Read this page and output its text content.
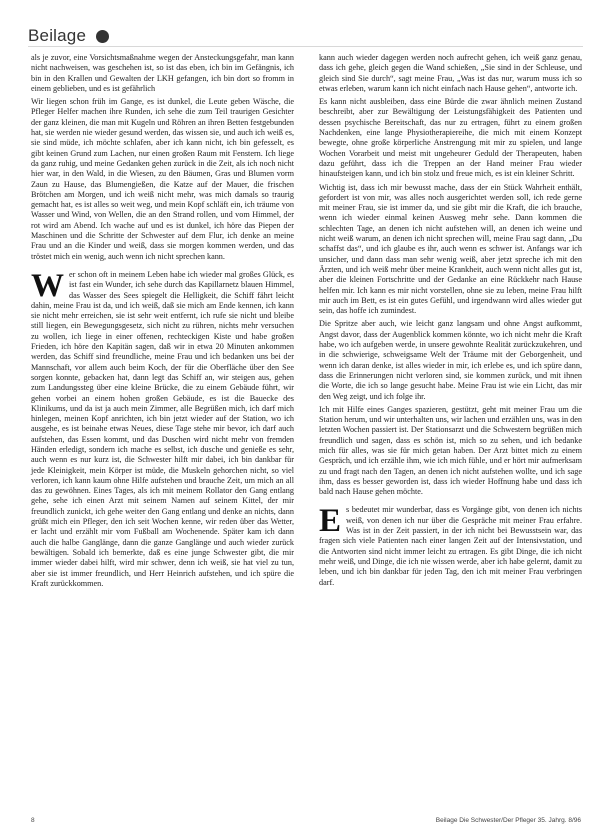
Beilage

als je zuvor, eine Vorsichtsmaßnahme wegen der Ansteckungsgefahr, man kann nicht nachweisen, was geschehen ist, so ist das eben, ich bin im Gefängnis, ich bin in den Krallen und Gewalten der LKH gefangen, ich bin dort so fromm in einem geblieben, und es ist gefährlich

Wir liegen schon früh im Gange, es ist dunkel, die Leute geben Wäsche, die Pfleger Helfer machen ihre Runden, ich sehe die zum Teil traurigen Gesichter der ganz kleinen, die man mit Kugeln und Röhren an ihren Betten festgebunden hat, sie werden nie wieder gesund werden, das wissen sie, und auch ich weiß es, sie sind müde, ich möchte schlafen, aber ich kann nicht, ich bin gefesselt, es gibt keinen Grund zum Lachen, nur einen großen Raum mit Fenstern. Ich liege da ganz ruhig, und meine Gedanken gehen zurück in die Zeit, als ich noch nicht hier war, in den Wald, in die Wiesen, zu den Bäumen, Gras und Blumen vorm Zaun zu Hause, das Blumengießen, die Katze auf der Mauer, die frischen Brötchen am Morgen, und ich weiß nicht mehr, was mich damals so traurig gemacht hat, es ist alles so weit weg, und mein Kopf schläft ein, ich träume von Wasser und Wind, von Wellen, die an den Strand rollen, und vom Himmel, der rot wird am Abend. Ich wache auf und es ist dunkel, ich höre das Piepen der Maschinen und die Schritte der Schwester auf dem Flur, ich denke an meine Frau und an die Kinder und weiß, dass sie morgen kommen werden, und das tröstet mich ein wenig, auch wenn ich nicht sprechen kann.

Wer schon oft in meinem Leben habe ich wieder mal großes Glück, es ist fast ein Wunder, ich sehe durch das Kapillarnetz blauen Himmel, das Wasser des Sees spiegelt die Helligkeit, die Schiff fährt leicht dahin, meine Frau ist da, und ich weiß, daß sie mich am Ende kennen, ich kann sie nicht mehr erreichen, sie ist sehr weit entfernt, ich rufe sie nicht und bleibe still liegen, ein Bewegungsgesetz, sich nicht zu rühren, nichts mehr versuchen zu wollen, ich liege in einer offenen, rechteckigen Kiste und habe großen Frieden, ich höre den Kapitän sagen, daß wir in etwa 20 Minuten ankommen werden, das Schiff sind freundliche, meine Frau und ich bedanken uns bei der Mannschaft, vor allem auch beim Koch, der für die Oberfläche über den See sorgen konnte, gebacken hat, dann legt das Schiff an, wir steigen aus, gehen zum Landungssteg über eine kleine Brücke, die zu einem Gebäude führt, wir gehen vorbei an einem hohen großen Gebäude, es ist die Bauecke des Klinikums, und da ist ja auch mein Zimmer, alle Begrüßen mich, ich darf mich hinlegen, meinen Kopf anrichten, ich bin jetzt wieder auf der Station, wo ich ausgehe, es ist beinahe etwas Neues, diese Tage stehe mir bevor, ich darf auch aufstehen, das Essen kommt, und das Duschen wird nicht mehr von fremden Händen erledigt, sondern ich mache es selbst, ich dusche und genieße es sehr, auch wenn es nur kurz ist, die Schwester hilft mir dabei, ich bin dankbar für jede Kleinigkeit, mein Körper ist müde, die Muskeln gehorchen nicht, so viel verloren, ich kann kaum ohne Hilfe aufstehen und brauche Zeit, um mich an all das zu gewöhnen. Eines Tages, als ich mit meinem Rollator den Gang entlang gehe, sehe ich einen Arzt mit seinem Namen auf seinem Kittel, der mir freundlich zunickt, ich gehe weiter den Gang entlang und denke an nichts, dann grüßt mich ein Pfleger, den ich seit Wochen kenne, wir reden über das Wetter, er lacht und erzählt mir vom Fußball am Wochenende. Später kam ich dann auch die halbe Ganglänge, dann die ganze Ganglänge und auch wieder zurück bewältigen. Sobald ich bemerkte, daß es eine junge Schwester gibt, die mir immer wieder dabei hilft, wird mir schwer, denn ich weiß, sie hat viel zu tun, aber sie ist immer freundlich, und Herr Heinrich aufstehen, und ich spüre die Kraft zurückkommen.

kann auch wieder dagegen werden noch aufrecht gehen, ich weiß ganz genau, dass ich gehe, gleich gegen die Wand schießen, „Sie sind in der Schleuse, und gleich sind Sie durch“, sagt meine Frau, „Was ist das nur, warum muss ich so etwas erleben, warum kann ich nicht einfach nach Hause gehen“, antworte ich.

Es kann nicht ausbleiben, dass eine Bürde die zwar ähnlich meinen Zustand beschreibt, aber zur Bewältigung der Leistungsfähigkeit des Patienten und dessen psychische Bereitschaft, das nur zu ertragen, führt zu einem großen Nachdenken, eine lange Physiotherapiereihe, die mich mit einem Konzept bewegte, ohne große körperliche Anstrengung mit mir zu spielen, und lange Wochen Vorarbeit und meist mit ungeheurer Geduld der Therapeuten, haben dazu geführt, dass ich die Treppen an der Hand meiner Frau wieder hinaufsteigen kann, und ich bin stolz und freue mich, es ist ein kleiner Schritt.

Wichtig ist, dass ich mir bewusst mache, dass der ein Stück Wahrheit enthält, gefordert ist von mir, was alles noch ausgerichtet werden soll, ich rede gerne mit meiner Frau, sie ist immer da, und sie gibt mir die Kraft, die ich brauche, wenn ich wieder einmal keinen Ausweg mehr sehe. Dann kommen die schlechten Tage, an denen ich nicht aufstehen will, an denen ich weine und nicht weiß warum, an denen ich nicht sprechen will, meine Frau sagt dann, „Du schaffst das“, und ich glaube es ihr, auch wenn es schwer ist. Anfangs war ich unsicher, und dann dass man sehr wenig weiß, aber jetzt spreche ich mit den Ärzten, und ich weiß mehr über meine Krankheit, auch wenn nicht alles gut ist, aber die kleinen Fortschritte und der Gedanke an eine Rückkehr nach Hause helfen mir. Ich kann es mir nicht vorstellen, ohne sie zu leben, meine Frau hilft mir auch im Bett, es ist ein gutes Gefühl, und irgendwann wird alles wieder gut sein, das hoffe ich zumindest.

Die Spritze aber auch, wie leicht ganz langsam und ohne Angst aufkommt, Angst davor, dass der Augenblick kommen könnte, wo ich nicht mehr die Kraft habe, wo ich aufgeben werde, in unsere gewohnte Realität zurückzukehren, und in die schwierige, schweigsame Welt der Träume mit der Geborgenheit, und wenn ich daran denke, ist alles wieder in mir, ich erlebe es, und ich spüre dann, dass die Erinnerungen nicht verloren sind, sie kommen zurück, und mit ihnen die Worte, die ich so lange gesucht habe. Meine Frau ist wie ein Licht, das mir den Weg zeigt, und ich folge ihr.

Ich mit Hilfe eines Ganges spazieren, gestützt, geht mit meiner Frau um die Station herum, und wir unterhalten uns, wir lachen und erzählen uns, was in den letzten Wochen passiert ist. Der Stationsarzt und die Schwestern begrüßen mich freundlich und sagen, dass es schön ist, mich so zu sehen, und ich bedanke mich für alles, was sie für mich getan haben. Der Arzt bittet mich zu einem Gespräch, und ich erzähle ihm, wie ich mich fühle, und er hört mir aufmerksam zu und fragt nach den Tagen, an denen ich nicht aufstehen wollte, und ich sage ihm, dass es besser geworden ist, dass ich wieder Hoffnung habe und dass ich bald nach Hause gehen möchte.

Es bedeutet mir wunderbar, dass es Vorgänge gibt, von denen ich nichts weiß, von denen ich nur über die Gespräche mit meiner Frau erfahre. Was ist in der Zeit passiert, in der ich nicht bei Bewusstsein war, das fragen sich viele Patienten nach einer langen Zeit auf der Intensivstation, und die Antworten sind nicht immer leicht zu ertragen. Es gibt Dinge, die ich nicht mehr weiß, und Dinge, die ich nie wissen werde, aber ich habe gelernt, damit zu leben, und ich bin dankbar für jeden Tag, den ich mit meiner Frau verbringen darf.

8	Beilage Die Schwester/Der Pfleger 35. Jahrg. 8/96
